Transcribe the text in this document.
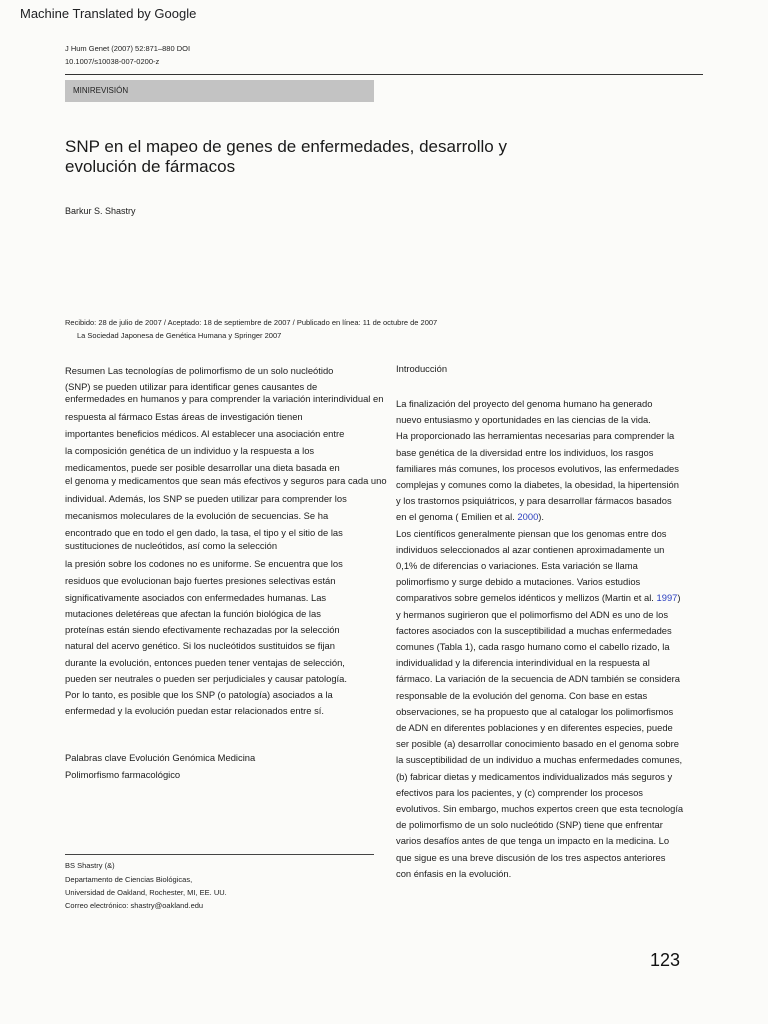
Machine Translated by Google
J Hum Genet (2007) 52:871–880 DOI
10.1007/s10038-007-0200-z
MINIREVISIÓN
SNP en el mapeo de genes de enfermedades, desarrollo y
evolución de fármacos
Barkur S. Shastry
Recibido: 28 de julio de 2007 / Aceptado: 18 de septiembre de 2007 / Publicado en línea: 11 de octubre de 2007
La Sociedad Japonesa de Genética Humana y Springer 2007
Resumen Las tecnologías de polimorfismo de un solo nucleótido
(SNP) se pueden utilizar para identificar genes causantes de
enfermedades en humanos y para comprender la variación interindividual en
respuesta al fármaco Estas áreas de investigación tienen
importantes beneficios médicos. Al establecer una asociación entre
la composición genética de un individuo y la respuesta a los
medicamentos, puede ser posible desarrollar una dieta basada en
el genoma y medicamentos que sean más efectivos y seguros para cada uno
individual. Además, los SNP se pueden utilizar para comprender los
mecanismos moleculares de la evolución de secuencias. Se ha
encontrado que en todo el gen dado, la tasa, el tipo y el sitio de las
sustituciones de nucleótidos, así como la selección
la presión sobre los codones no es uniforme. Se encuentra que los
residuos que evolucionan bajo fuertes presiones selectivas están
significativamente asociados con enfermedades humanas. Las
mutaciones deletéreas que afectan la función biológica de las
proteínas están siendo efectivamente rechazadas por la selección
natural del acervo genético. Si los nucleótidos sustituidos se fijan
durante la evolución, entonces pueden tener ventajas de selección,
pueden ser neutrales o pueden ser perjudiciales y causar patología.
Por lo tanto, es posible que los SNP (o patología) asociados a la
enfermedad y la evolución puedan estar relacionados entre sí.
Palabras clave Evolución Genómica Medicina
Polimorfismo farmacológico
BS Shastry (&)
Departamento de Ciencias Biológicas,
Universidad de Oakland, Rochester, MI, EE. UU.
Correo electrónico: shastry@oakland.edu
Introducción
La finalización del proyecto del genoma humano ha generado
nuevo entusiasmo y oportunidades en las ciencias de la vida.
Ha proporcionado las herramientas necesarias para comprender la
base genética de la diversidad entre los individuos, los rasgos
familiares más comunes, los procesos evolutivos, las enfermedades
complejas y comunes como la diabetes, la obesidad, la hipertensión
y los trastornos psiquiátricos, y para desarrollar fármacos basados
en el genoma ( Emilien et al. 2000).
Los científicos generalmente piensan que los genomas entre dos
individuos seleccionados al azar contienen aproximadamente un
0,1% de diferencias o variaciones. Esta variación se llama
polimorfismo y surge debido a mutaciones. Varios estudios
comparativos sobre gemelos idénticos y mellizos (Martin et al. 1997)
y hermanos sugirieron que el polimorfismo del ADN es uno de los
factores asociados con la susceptibilidad a muchas enfermedades
comunes (Tabla 1), cada rasgo humano como el cabello rizado, la
individualidad y la diferencia interindividual en la respuesta al
fármaco. La variación de la secuencia de ADN también se considera
responsable de la evolución del genoma. Con base en estas
observaciones, se ha propuesto que al catalogar los polimorfismos
de ADN en diferentes poblaciones y en diferentes especies, puede
ser posible (a) desarrollar conocimiento basado en el genoma sobre
la susceptibilidad de un individuo a muchas enfermedades comunes,
(b) fabricar dietas y medicamentos individualizados más seguros y
efectivos para los pacientes, y (c) comprender los procesos
evolutivos. Sin embargo, muchos expertos creen que esta tecnología
de polimorfismo de un solo nucleótido (SNP) tiene que enfrentar
varios desafíos antes de que tenga un impacto en la medicina. Lo
que sigue es una breve discusión de los tres aspectos anteriores
con énfasis en la evolución.
123
